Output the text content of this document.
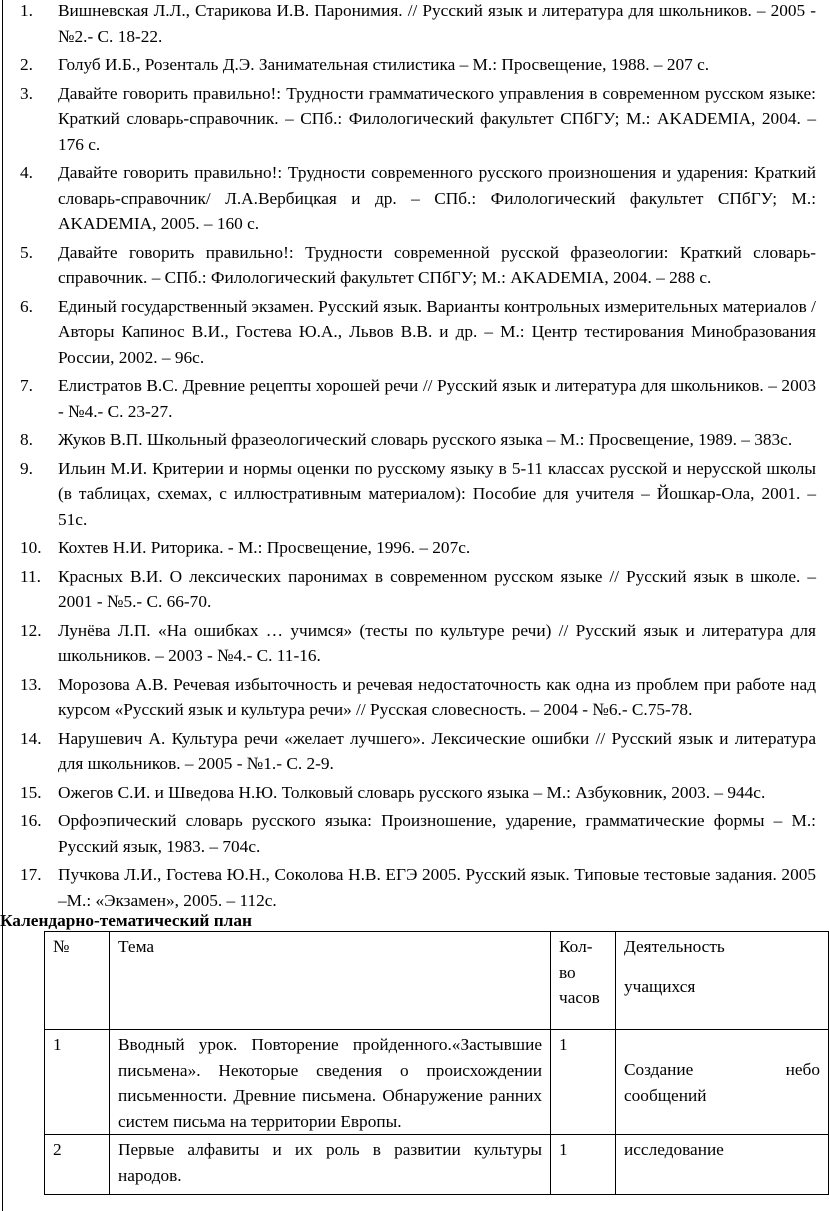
1. Вишневская Л.Л., Старикова И.В. Паронимия. // Русский язык и литература для школьников. – 2005 - №2.- С. 18-22.
2. Голуб И.Б., Розенталь Д.Э. Занимательная стилистика – М.: Просвещение, 1988. – 207 с.
3. Давайте говорить правильно!: Трудности грамматического управления в современном русском языке: Краткий словарь-справочник. – СПб.: Филологический факультет СПбГУ; М.: AKADEMIA, 2004. – 176 с.
4. Давайте говорить правильно!: Трудности современного русского произношения и ударения: Краткий словарь-справочник/ Л.А.Вербицкая и др. – СПб.: Филологический факультет СПбГУ; М.: AKADEMIA, 2005. – 160 с.
5. Давайте говорить правильно!: Трудности современной русской фразеологии: Краткий словарь-справочник. – СПб.: Филологический факультет СПбГУ; М.: AKADEMIA, 2004. – 288 с.
6. Единый государственный экзамен. Русский язык. Варианты контрольных измерительных материалов /Авторы Капинос В.И., Гостева Ю.А., Львов В.В. и др. – М.: Центр тестирования Минобразования России, 2002. – 96с.
7. Елистратов В.С. Древние рецепты хорошей речи // Русский язык и литература для школьников. – 2003 - №4.- С. 23-27.
8. Жуков В.П. Школьный фразеологический словарь русского языка – М.: Просвещение, 1989. – 383с.
9. Ильин М.И. Критерии и нормы оценки по русскому языку в 5-11 классах русской и нерусской школы (в таблицах, схемах, с иллюстративным материалом): Пособие для учителя – Йошкар-Ола, 2001. – 51с.
10. Кохтев Н.И. Риторика. - М.: Просвещение, 1996. – 207с.
11. Красных В.И. О лексических паронимах в современном русском языке // Русский язык в школе. – 2001 - №5.- С. 66-70.
12. Лунёва Л.П. «На ошибках … учимся» (тесты по культуре речи) // Русский язык и литература для школьников. – 2003 - №4.- С. 11-16.
13. Морозова А.В. Речевая избыточность и речевая недостаточность как одна из проблем при работе над курсом «Русский язык и культура речи» // Русская словесность. – 2004 - №6.- С.75-78.
14. Нарушевич А. Культура речи «желает лучшего». Лексические ошибки // Русский язык и литература для школьников. – 2005 - №1.- С. 2-9.
15. Ожегов С.И. и Шведова Н.Ю. Толковый словарь русского языка – М.: Азбуковник, 2003. – 944с.
16. Орфоэпический словарь русского языка: Произношение, ударение, грамматические формы – М.: Русский язык, 1983. – 704с.
17. Пучкова Л.И., Гостева Ю.Н., Соколова Н.В. ЕГЭ 2005. Русский язык. Типовые тестовые задания. 2005 –М.: «Экзамен», 2005. – 112с.
Календарно-тематический план
№	Тема	Кол-во часов	Деятельность
учащихся

1	Вводный урок. Повторение пройденного.«Застывшие письмена». Некоторые сведения о происхождении письменности. Древние письмена. Обнаружение ранних систем письма на территории Европы.	1	Создание небо
сообщений
2	Первые алфавиты и их роль в развитии культуры народов.	1	исследование
